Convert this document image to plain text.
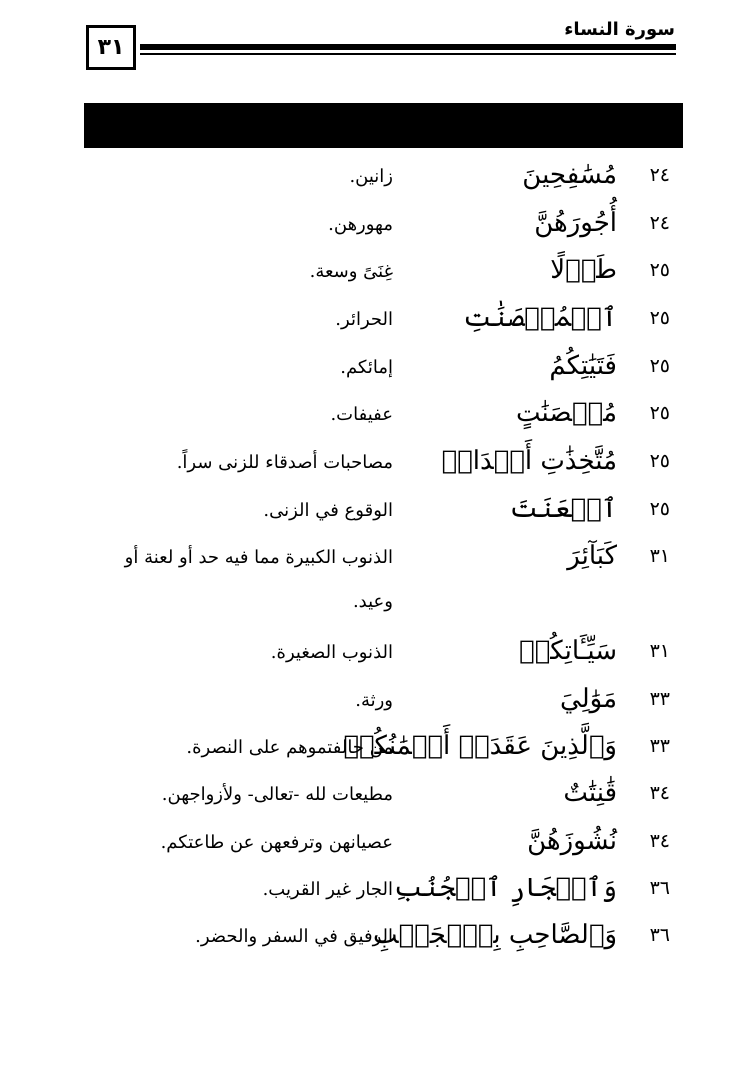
سورة النساء
٣١
٢٤
مُسَٰفِحِينَ
زانين.
٢٤
أُجُورَهُنَّ
مهورهن.
٢٥
طَوۡلًا
غِنَىً وسعة.
٢٥
ٱلۡمُحۡصَنَٰتِ
الحرائر.
٢٥
فَتَيَٰتِكُمُ
إمائكم.
٢٥
مُحۡصَنَٰتٍ
عفيفات.
٢٥
مُتَّخِذَٰتِ أَخۡدَانٖ
مصاحبات أصدقاء للزنى سراً.
٢٥
ٱلۡعَنَتَ
الوقوع في الزنى.
٣١
كَبَآئِرَ
الذنوب الكبيرة مما فيه حد أو لعنة أو وعيد.
٣١
سَيِّـَٔاتِكُمۡ
الذنوب الصغيرة.
٣٣
مَوَٰلِيَ
ورثة.
٣٣
وَٱلَّذِينَ عَقَدَتۡ أَيۡمَٰنُكُمۡ
من حالفتموهم على النصرة.
٣٤
قَٰنِتَٰتٌ
مطيعات لله -تعالى- ولأزواجهن.
٣٤
نُشُوزَهُنَّ
عصيانهن وترفعهن عن طاعتكم.
٣٦
وَٱلۡجَارِ ٱلۡجُنُبِ
الجار غير القريب.
٣٦
وَٱلصَّاحِبِ بِٱلۡجَنۢبِ
الرفيق في السفر والحضر.
